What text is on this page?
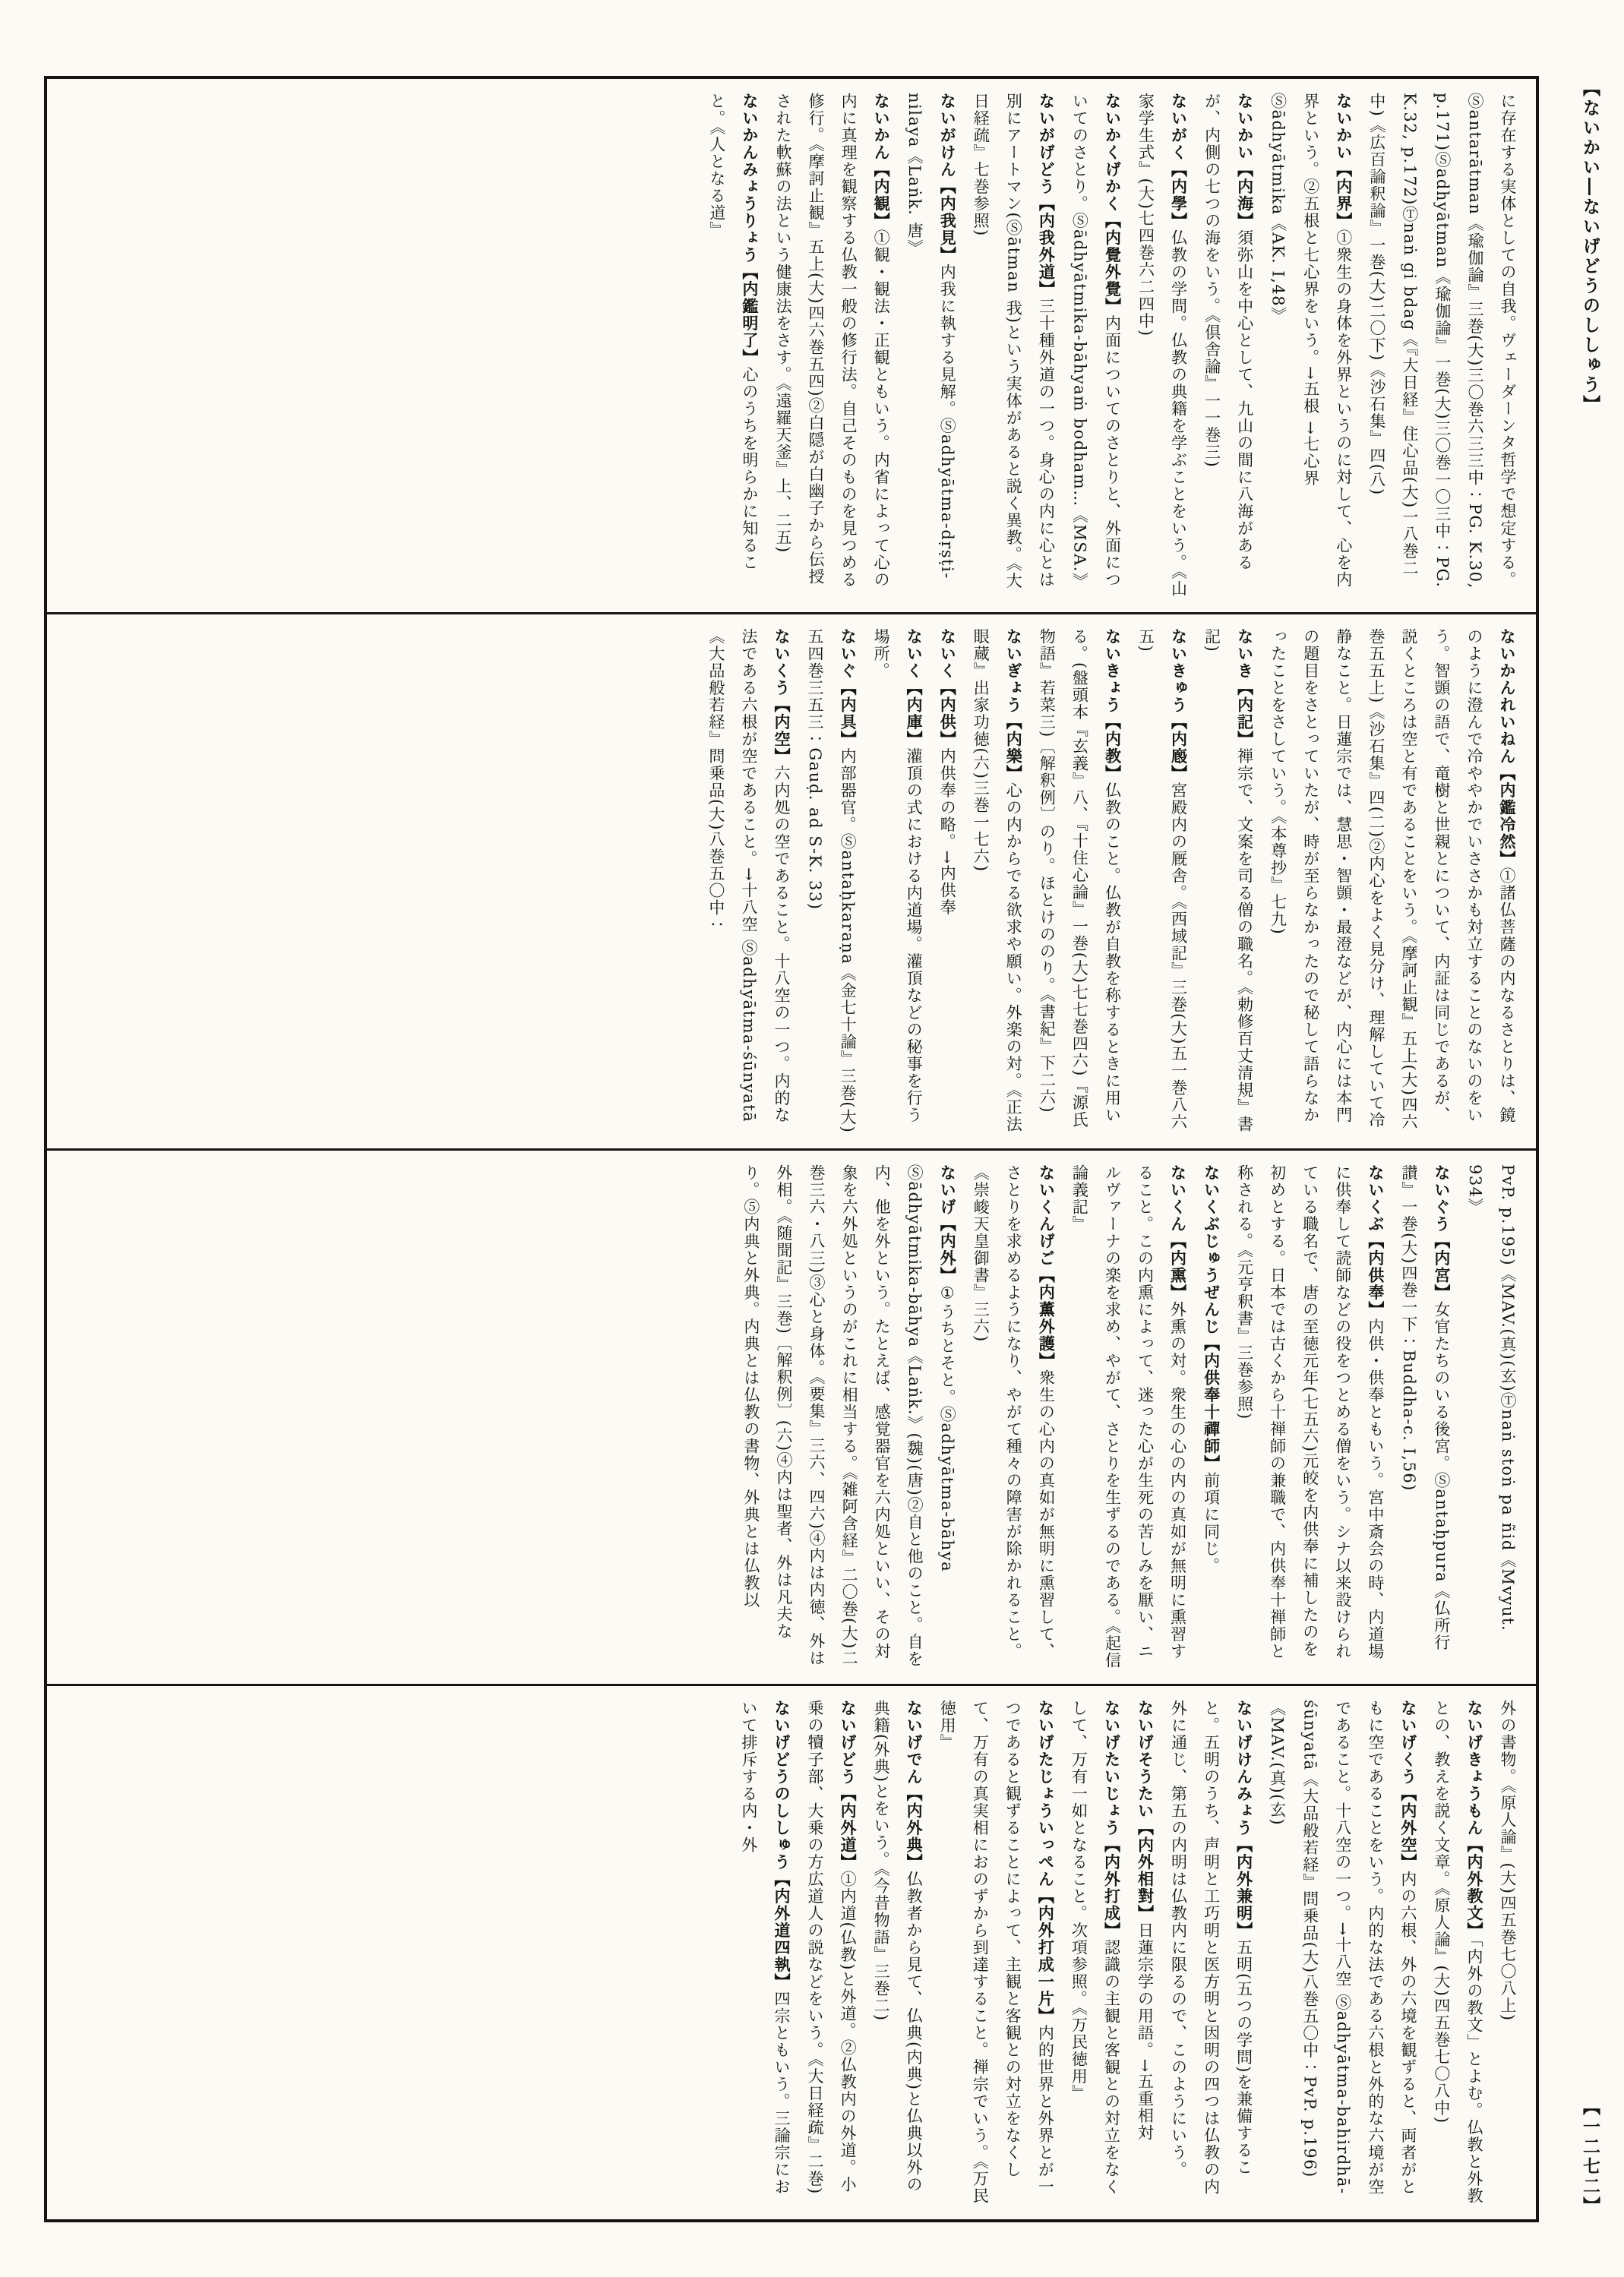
【ないかい―ないげどうのししゅう】
に存在する実体としての自我。ヴェーダーンタ哲学で想定する。Ⓢantarātman《瑜伽論』三巻(大)三〇巻六三三中：PG. K.30, p.171)Ⓢadhyātman《瑜伽論』一巻(大)三〇巻一〇三中：PG. K.32, p.172)Ⓣnaṅ gi bdag《『大日経』住心品(大)一八巻二中)《広百論釈論』一巻(大)二〇下)《沙石集』四(八)
ないかい【内界】①衆生の身体を外界というのに対して、心を内界という。②五根と七心界をいう。→五根 →七心界 Ⓢādhyātmika《AK. I,48》
ないかい【内海】須弥山を中心として、九山の間に八海があるが、内側の七つの海をいう。《倶舎論』一一巻三)
ないがく【内學】仏教の学問。仏教の典籍を学ぶことをいう。《山家学生式』(大)七四巻六二四中)
ないかくげかく【内覺外覺】内面についてのさとりと、外面についてのさとり。Ⓢādhyātmika-bāhyaṁ bodham…《MSA.》
ないがげどう【内我外道】三十種外道の一つ。身心の内に心とは別にアートマン(Ⓢātman 我)という実体があると説く異教。《大日経疏』七巻参照)
ないがけん【内我見】内我に執する見解。Ⓢadhyātma-dṛṣṭi-nilaya《Laṅk. 唐》
ないかん【内観】①観・観法・正観ともいう。内省によって心の内に真理を観察する仏教一般の修行法。自己そのものを見つめる修行。《摩訶止観』五上(大)四六巻五四)②白隠が白幽子から伝授された軟蘇の法という健康法をさす。《遠羅天釜』上、二五)
ないかんみょうりょう【内鑑明了】心のうちを明らかに知ること。《人となる道』
ないかんれいねん【内鑑冷然】①諸仏菩薩の内なるさとりは、鏡のように澄んで冷ややかでいささかも対立することのないのをいう。智顗の語で、竜樹と世親とについて、内証は同じであるが、説くところは空と有であることをいう。《摩訶止観』五上(大)四六巻五五上)《沙石集』四(二)②内心をよく見分け、理解していて冷静なこと。日蓮宗では、慧思・智顗・最澄などが、内心には本門の題目をさとっていたが、時が至らなかったので秘して語らなかったことをさしていう。《本尊抄』七九)
ないき【内記】禅宗で、文案を司る僧の職名。《勅修百丈清規』書記)
ないきゅう【内廏】宮殿内の厩舎。《西域記』三巻(大)五一巻八六五)
ないきょう【内教】仏教のこと。仏教が自教を称するときに用いる。(盤頭本『玄義』八、『十住心論』一巻(大)七七巻四六)『源氏物語』若菜三)〔解釈例〕のり。ほとけののり。《書紀』下二六)
ないぎょう【内樂】心の内からでる欲求や願い。外楽の対。《正法眼蔵』出家功徳(六)三巻一七六)
ないく【内供】内供奉の略。→内供奉
ないく【内庫】灌頂の式における内道場。灌頂などの秘事を行う場所。
ないぐ【内具】内部器官。Ⓢantaḥkaraṇa《金七十論』三巻(大)五四巻三五三：Gauḍ. ad S-K. 33)
ないくう【内空】六内処の空であること。十八空の一つ。内的な法である六根が空であること。→十八空 Ⓢadhyātma-śūnyatā《大品般若経』問乗品(大)八巻五〇中：
PvP. p.195)《MAV.(真)(玄)Ⓣnaṅ stoṅ pa ñid《Mvyut. 934》
ないぐう【内宮】女官たちのいる後宮。Ⓢantaḥpura《仏所行讃』一巻(大)四巻一下：Buddha-c. I,56)
ないくぶ【内供奉】内供・供奉ともいう。宮中斎会の時、内道場に供奉して読師などの役をつとめる僧をいう。シナ以来設けられている職名で、唐の至徳元年(七五六)元皎を内供奉に補したのを初めとする。日本では古くから十禅師の兼職で、内供奉十禅師と称される。《元亨釈書』三巻参照)
ないくぶじゅうぜんじ【内供奉十禪師】前項に同じ。
ないくん【内熏】外熏の対。衆生の心の内の真如が無明に熏習すること。この内熏によって、迷った心が生死の苦しみを厭い、ニルヴァーナの楽を求め、やがて、さとりを生ずるのである。《起信論義記』
ないくんげご【内薫外護】衆生の心内の真如が無明に熏習して、さとりを求めるようになり、やがて種々の障害が除かれること。《崇峻天皇御書』三六)
ないげ【内外】①うちとそと。Ⓢadhyātma-bāhya Ⓢādhyātmika-bāhya《Laṅk.》(魏)(唐)②自と他のこと。自を内、他を外という。たとえば、感覚器官を六内処といい、その対象を六外処というのがこれに相当する。《雑阿含経』二〇巻(大)二巻三六・八三)③心と身体。《要集』三六、四六)④内は内徳、外は外相。《随聞記』三巻)〔解釈例〕(六)④内は聖者、外は凡夫なり。⑤内典と外典。内典とは仏教の書物、外典とは仏教以
外の書物。《原人論』(大)四五巻七〇八上)
ないげきょうもん【内外教文】「内外の教文」とよむ。仏教と外教との、教えを説く文章。《原人論』(大)四五巻七〇八中)
ないげくう【内外空】内の六根、外の六境を観ずると、両者がともに空であることをいう。内的な法である六根と外的な六境が空であること。十八空の一つ。→十八空 Ⓢadhyātma-bahirdhā-śūnyatā《大品般若経』問乗品(大)八巻五〇中：PvP. p.196)《MAV.(真)(玄)
ないげけんみょう【内外兼明】五明(五つの学問)を兼備すること。五明のうち、声明と工巧明と医方明と因明の四つは仏教の内外に通じ、第五の内明は仏教内に限るので、このようにいう。
ないげそうたい【内外相對】日蓮宗学の用語。→五重相対
ないげたいじょう【内外打成】認識の主観と客観との対立をなくして、万有一如となること。次項参照。《万民徳用』
ないげたじょういっぺん【内外打成一片】内的世界と外界とが一つであると観ずることによって、主観と客観との対立をなくして、万有の真実相におのずから到達すること。禅宗でいう。《万民徳用』
ないげでん【内外典】仏教者から見て、仏典(内典)と仏典以外の典籍(外典)とをいう。《今昔物語』三巻二)
ないげどう【内外道】①内道(仏教)と外道。②仏教内の外道。小乗の犢子部、大乗の方広道人の説などをいう。《大日経疏』二巻)
ないげどうのししゅう【内外道四執】四宗ともいう。三論宗において排斥する内・外
【一二七二】
